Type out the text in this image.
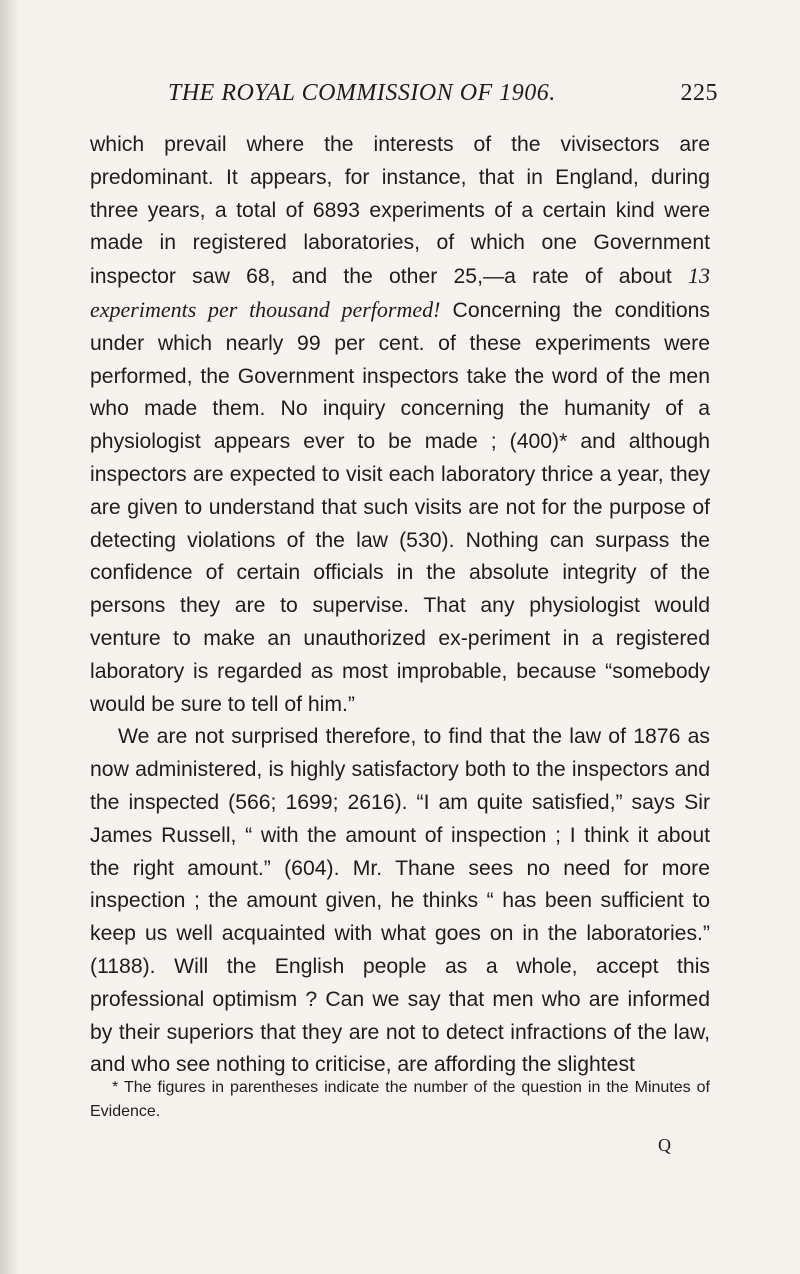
THE ROYAL COMMISSION OF 1906.	225

which prevail where the interests of the vivisectors are predominant. It appears, for instance, that in England, during three years, a total of 6893 experiments of a certain kind were made in registered laboratories, of which one Government inspector saw 68, and the other 25,—a rate of about 13 experiments per thousand performed! Concerning the conditions under which nearly 99 per cent. of these experiments were performed, the Government inspectors take the word of the men who made them. No inquiry concerning the humanity of a physiologist appears ever to be made ; (400)* and although inspectors are expected to visit each laboratory thrice a year, they are given to understand that such visits are not for the purpose of detecting violations of the law (530). Nothing can surpass the confidence of certain officials in the absolute integrity of the persons they are to supervise. That any physiologist would venture to make an unauthorized ex-periment in a registered laboratory is regarded as most improbable, because “somebody would be sure to tell of him.”

We are not surprised therefore, to find that the law of 1876 as now administered, is highly satisfactory both to the inspectors and the inspected (566; 1699; 2616). “I am quite satisfied,” says Sir James Russell, “ with the amount of inspection ; I think it about the right amount.” (604). Mr. Thane sees no need for more inspection ; the amount given, he thinks “ has been sufficient to keep us well acquainted with what goes on in the laboratories.” (1188). Will the English people as a whole, accept this professional optimism ? Can we say that men who are informed by their superiors that they are not to detect infractions of the law, and who see nothing to criticise, are affording the slightest

* The figures in parentheses indicate the number of the question in the Minutes of Evidence.
Q
